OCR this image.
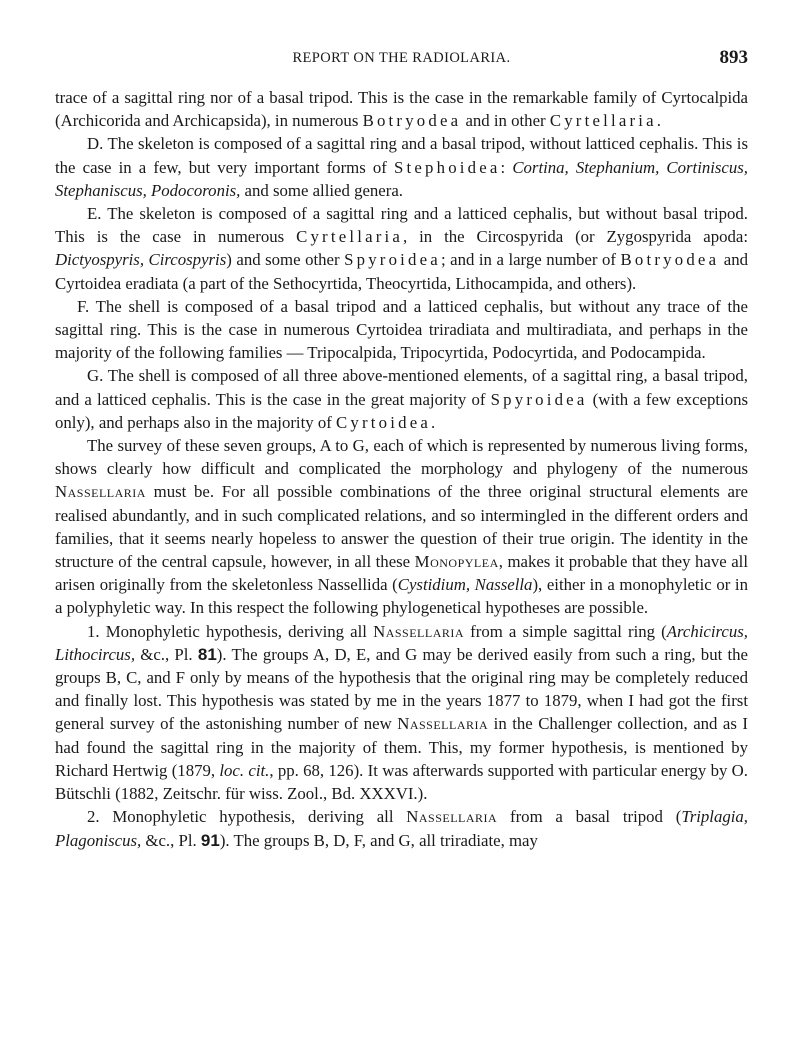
REPORT ON THE RADIOLARIA.	893

trace of a sagittal ring nor of a basal tripod. This is the case in the remarkable family of Cyrtocalpida (Archicorida and Archicapsida), in numerous Botryodea and in other Cyrtellaria.

D. The skeleton is composed of a sagittal ring and a basal tripod, without latticed cephalis. This is the case in a few, but very important forms of Stephoidea: Cortina, Stephanium, Cortiniscus, Stephaniscus, Podocoronis, and some allied genera.

E. The skeleton is composed of a sagittal ring and a latticed cephalis, but without basal tripod. This is the case in numerous Cyrtellaria, in the Circospyrida (or Zygospyrida apoda: Dictyospyris, Circospyris) and some other Spyroidea; and in a large number of Botryodea and Cyrtoidea eradiata (a part of the Sethocyrtida, Theocyrtida, Lithocampida, and others).

F. The shell is composed of a basal tripod and a latticed cephalis, but without any trace of the sagittal ring. This is the case in numerous Cyrtoidea triradiata and multiradiata, and perhaps in the majority of the following families — Tripocalpida, Tripocyrtida, Podocyrtida, and Podocampida.

G. The shell is composed of all three above-mentioned elements, of a sagittal ring, a basal tripod, and a latticed cephalis. This is the case in the great majority of Spyroidea (with a few exceptions only), and perhaps also in the majority of Cyrtoidea.

The survey of these seven groups, A to G, each of which is represented by numerous living forms, shows clearly how difficult and complicated the morphology and phylogeny of the numerous Nassellaria must be. For all possible combinations of the three original structural elements are realised abundantly, and in such complicated relations, and so intermingled in the different orders and families, that it seems nearly hopeless to answer the question of their true origin. The identity in the structure of the central capsule, however, in all these Monopylea, makes it probable that they have all arisen originally from the skeletonless Nassellida (Cystidium, Nassella), either in a monophyletic or in a polyphyletic way. In this respect the following phylogenetical hypotheses are possible.

1. Monophyletic hypothesis, deriving all Nassellaria from a simple sagittal ring (Archicircus, Lithocircus, &c., Pl. 81). The groups A, D, E, and G may be derived easily from such a ring, but the groups B, C, and F only by means of the hypothesis that the original ring may be completely reduced and finally lost. This hypothesis was stated by me in the years 1877 to 1879, when I had got the first general survey of the astonishing number of new Nassellaria in the Challenger collection, and as I had found the sagittal ring in the majority of them. This, my former hypothesis, is mentioned by Richard Hertwig (1879, loc. cit., pp. 68, 126). It was afterwards supported with particular energy by O. Bütschli (1882, Zeitschr. für wiss. Zool., Bd. XXXVI.).

2. Monophyletic hypothesis, deriving all Nassellaria from a basal tripod (Triplagia, Plagoniscus, &c., Pl. 91). The groups B, D, F, and G, all triradiate, may
